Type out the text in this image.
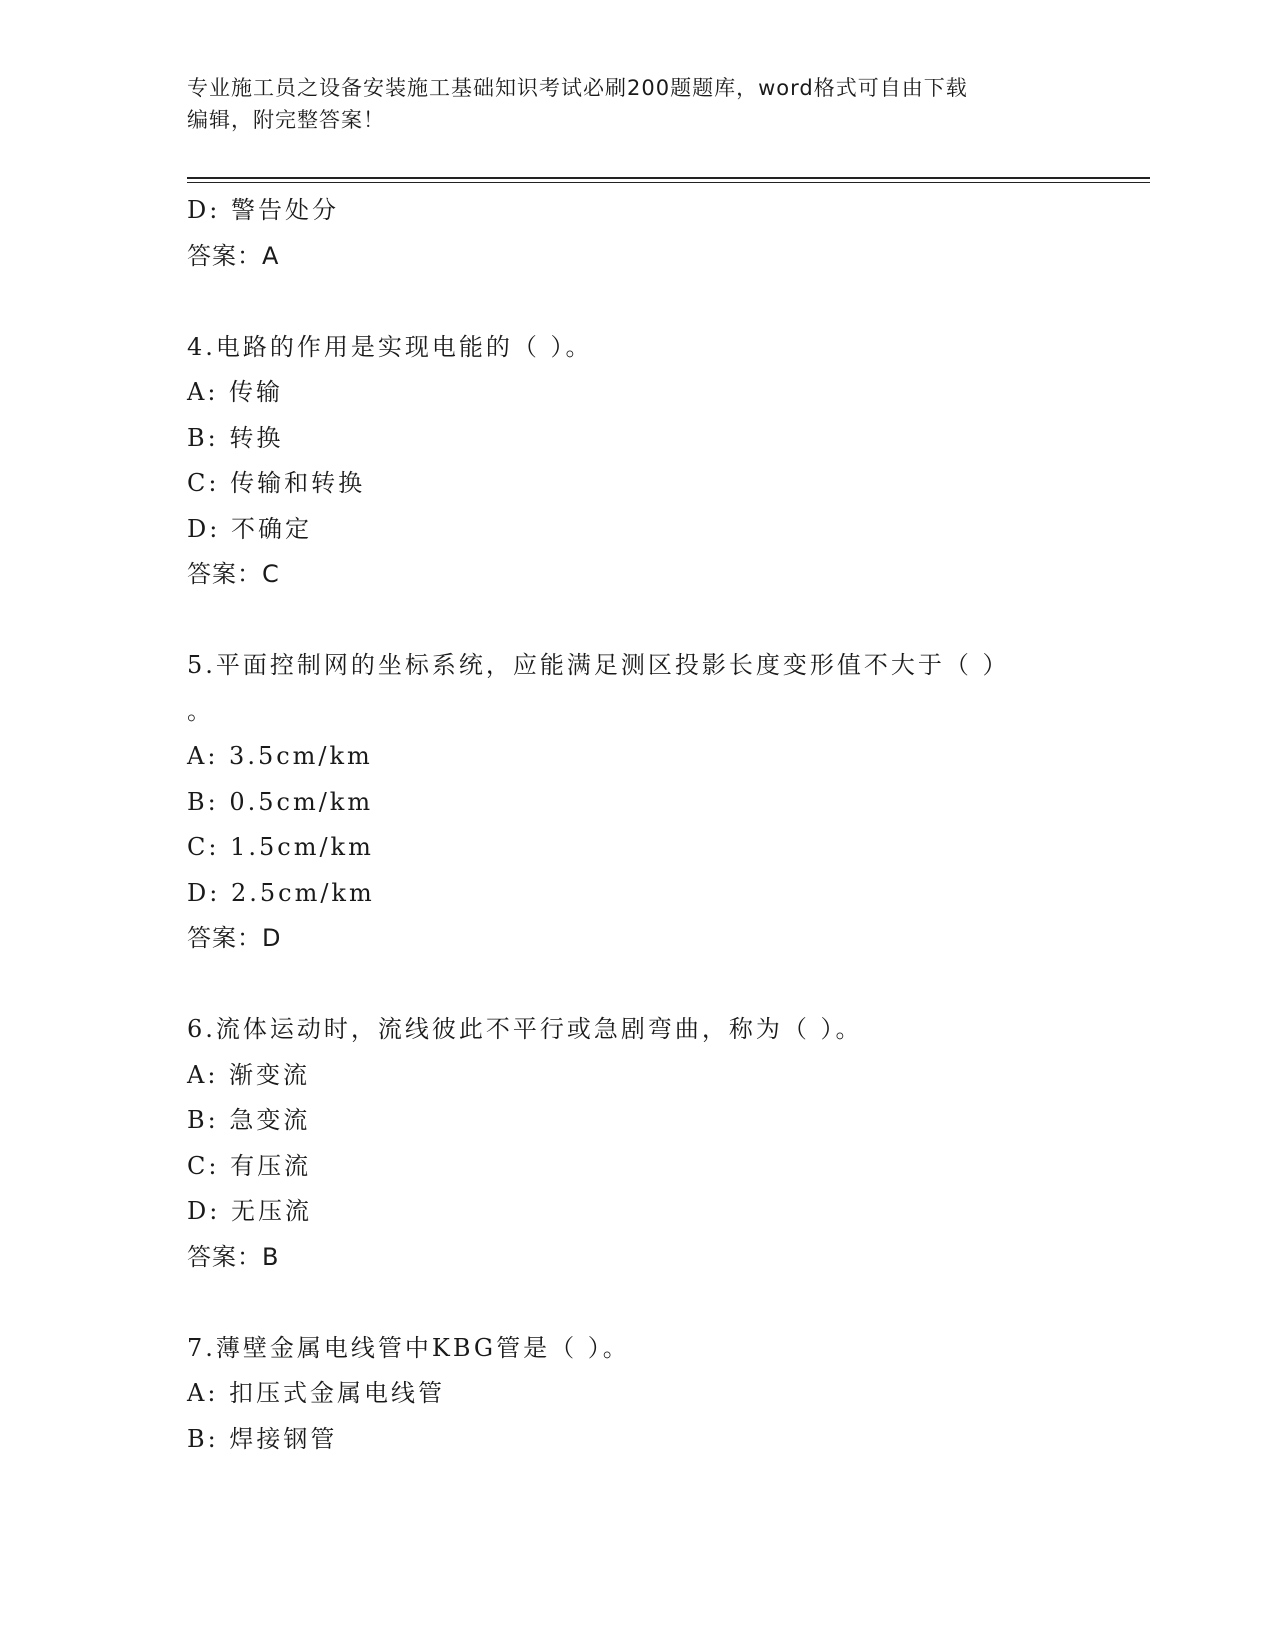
专业施工员之设备安装施工基础知识考试必刷200题题库，word格式可自由下载
编辑，附完整答案！
D: 警告处分
答案：A
4.电路的作用是实现电能的（ ）。
A: 传输
B: 转换
C: 传输和转换
D: 不确定
答案：C
5.平面控制网的坐标系统，应能满足测区投影长度变形值不大于（ ）
。
A: 3.5cm/km
B: 0.5cm/km
C: 1.5cm/km
D: 2.5cm/km
答案：D
6.流体运动时，流线彼此不平行或急剧弯曲，称为（ ）。
A: 渐变流
B: 急变流
C: 有压流
D: 无压流
答案：B
7.薄壁金属电线管中KBG管是（ ）。
A: 扣压式金属电线管
B: 焊接钢管
